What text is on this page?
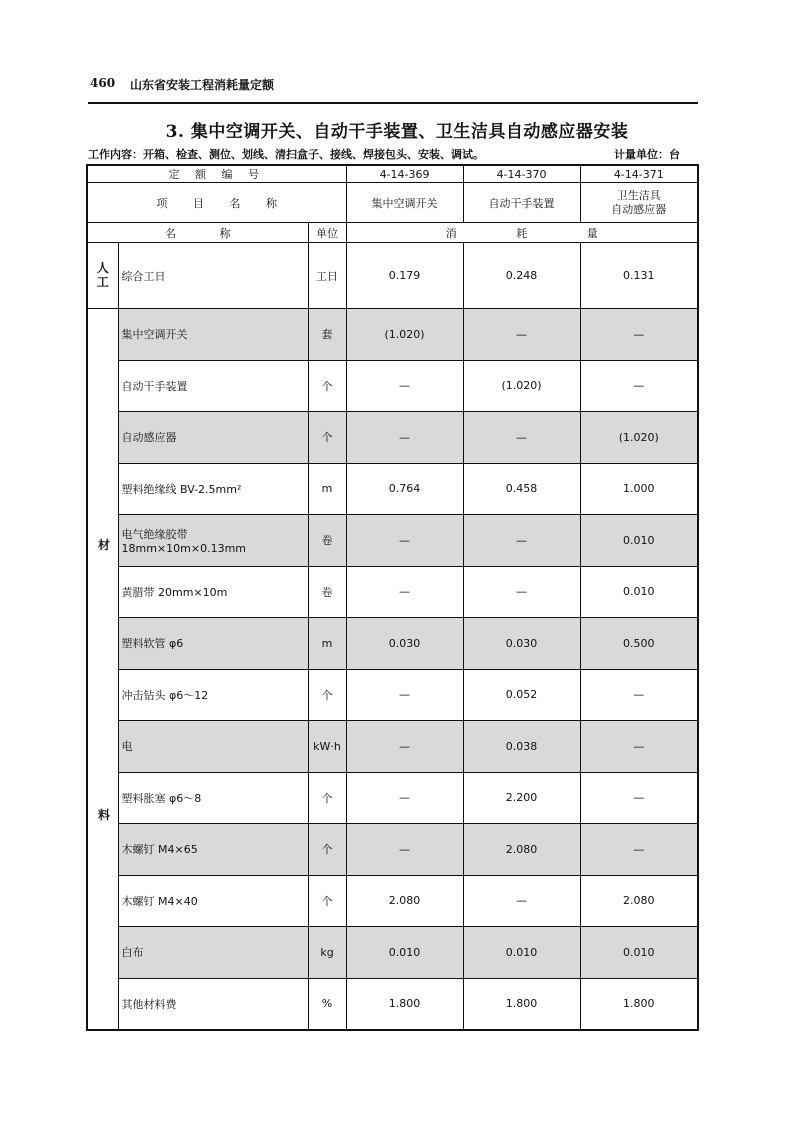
460 山东省安装工程消耗量定额
3. 集中空调开关、自动干手装置、卫生洁具自动感应器安装
工作内容：开箱、检查、测位、划线、清扫盒子、接线、焊接包头、安装、调试。	计量单位：台
定 额 编 号			4-14-369	4-14-370	4-14-371
项 目 名 称			集中空调开关	自动干手装置	卫生洁具
自动感应器
名 称		单位	消 耗 量		
人工	综合工日	工日	0.179	0.248	0.131

材
料	集中空调开关	套	(1.020)	—	—
	自动干手装置	个	—	(1.020)	—
	自动感应器	个	—	—	(1.020)
	塑料绝缘线 BV-2.5mm²	m	0.764	0.458	1.000
	电气绝缘胶带 18mm×10m×0.13mm	卷	—	—	0.010
	黄腊带 20mm×10m	卷	—	—	0.010
	塑料软管 φ6	m	0.030	0.030	0.500
	冲击钻头 φ6～12	个	—	0.052	—
	电	kW·h	—	0.038	—
	塑料胀塞 φ6～8	个	—	2.200	—
	木螺钉 M4×65	个	—	2.080	—
	木螺钉 M4×40	个	2.080	—	2.080
	白布	kg	0.010	0.010	0.010
	其他材料费	%	1.800	1.800	1.800
